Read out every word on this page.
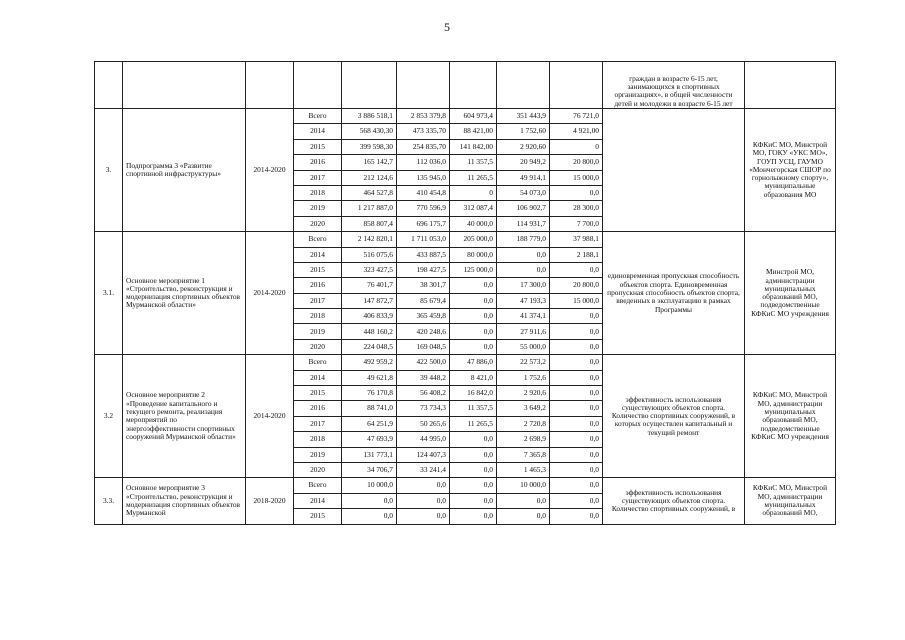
5
									граждан в возрасте 6-15 лет, занимающихся в спортивных организациях», в общей численности детей и молодежи в возрасте 6-15 лет	
3.	Подпрограмма 3 «Развитие спортивной инфраструктуры»	2014-2020	Всего	3 886 518,1	2 853 379,8	604 973,4	351 443,9	76 721,0		КФКиС МО, Минстрой МО, ГОКУ «УКС МО», ГОУП УСЦ, ГАУМО «Мончегорская СШОР по горнолыжному спорту», муниципальные образования МО
			2014	568 430,30	473 335,70	88 421,00	1 752,60	4 921,00		
			2015	399 598,30	254 835,70	141 842,00	2 920,60	0		
			2016	165 142,7	112 036,0	11 357,5	20 949,2	20 800,0		
			2017	212 124,6	135 945,0	11 265,5	49 914,1	15 000,0		
			2018	464 527,8	410 454,8	0	54 073,0	0,0		
			2019	1 217 887,0	770 596,9	312 087,4	106 902,7	28 300,0		
			2020	858 807,4	696 175,7	40 000,0	114 931,7	7 700,0		
3.1.	Основное мероприятие 1 «Строительство, реконструкция и модернизация спортивных объектов Мурманской области»	2014-2020	Всего	2 142 820,1	1 711 053,0	205 000,0	188 779,0	37 988,1	единовременная пропускная способность объектов спорта. Единовременная пропускная способность объектов спорта, введенных в эксплуатацию в рамках Программы	Минстрой МО, администрации муниципальных образований МО, подведомственные КФКиС МО учреждения
			2014	516 075,6	433 887,5	80 000,0	0,0	2 188,1		
			2015	323 427,5	198 427,5	125 000,0	0,0	0,0		
			2016	76 401,7	38 301,7	0,0	17 300,0	20 800,0		
			2017	147 872,7	85 679,4	0,0	47 193,3	15 000,0		
			2018	406 833,9	365 459,8	0,0	41 374,1	0,0		
			2019	448 160,2	420 248,6	0,0	27 911,6	0,0		
			2020	224 048,5	169 048,5	0,0	55 000,0	0,0		
3.2	Основное мероприятие 2 «Проведение капитального и текущего ремонта, реализация мероприятий по энергоэффективности спортивных сооружений Мурманской области»	2014-2020	Всего	492 959,2	422 500,0	47 886,0	22 573,2	0,0	эффективность использования существующих объектов спорта. Количество спортивных сооружений, в которых осуществлен капитальный и текущий ремонт	КФКиС МО, Минстрой МО, администрации муниципальных образований МО, подведомственные КФКиС МО учреждения
			2014	49 621,8	39 448,2	8 421,0	1 752,6	0,0		
			2015	76 170,8	56 408,2	16 842,0	2 920,6	0,0		
			2016	88 741,0	73 734,3	11 357,5	3 649,2	0,0		
			2017	64 251,9	50 265,6	11 265,5	2 720,8	0,0		
			2018	47 693,9	44 995,0	0,0	2 698,9	0,0		
			2019	131 773,1	124 407,3	0,0	7 365,8	0,0		
			2020	34 706,7	33 241,4	0,0	1 465,3	0,0		
3.3.	Основное мероприятие 3 «Строительство, реконструкция и модернизация спортивных объектов Мурманской	2018-2020	Всего	10 000,0	0,0	0,0	10 000,0	0,0	эффективность использования существующих объектов спорта. Количество спортивных сооружений, в	КФКиС МО, Минстрой МО, администрации муниципальных образований МО,
			2014	0,0	0,0	0,0	0,0	0,0		
			2015	0,0	0,0	0,0	0,0	0,0		
